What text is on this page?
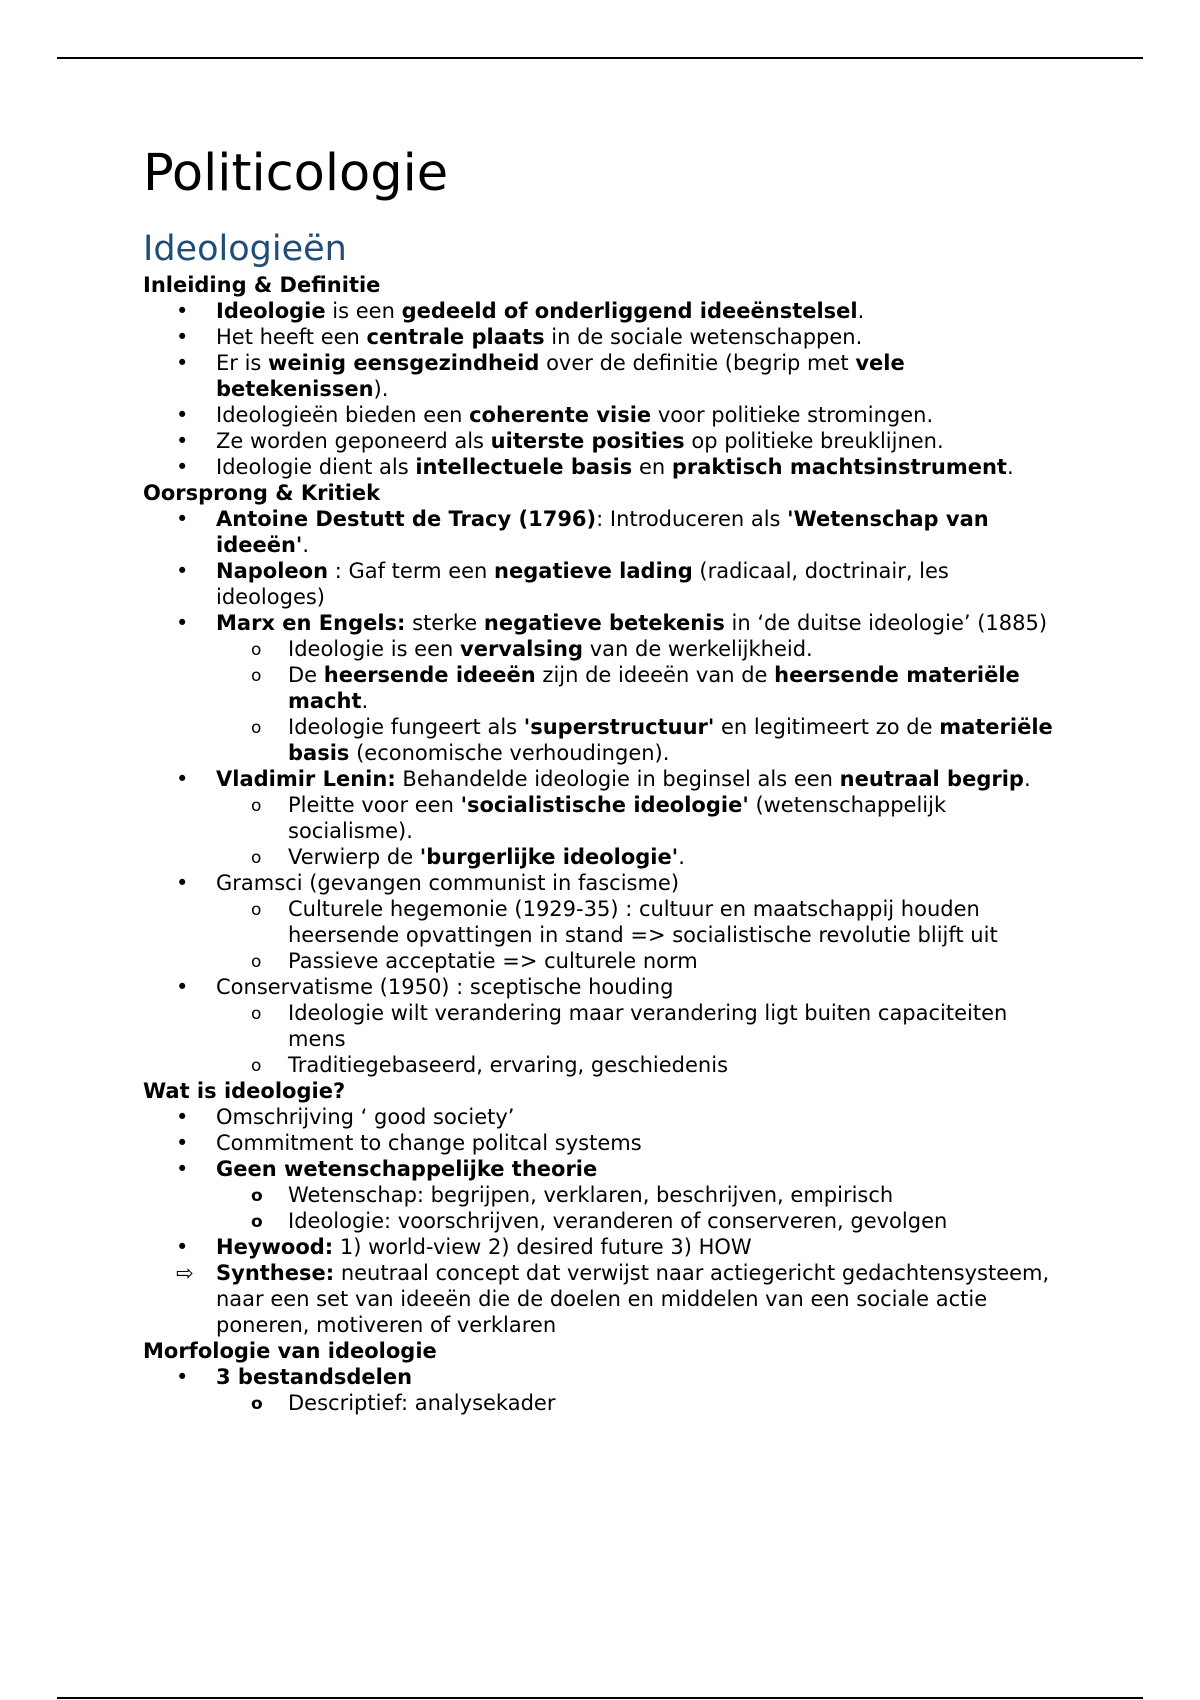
Politicologie
Ideologieën
Inleiding & Definitie
• Ideologie is een gedeeld of onderliggend ideeënstelsel.
• Het heeft een centrale plaats in de sociale wetenschappen.
• Er is weinig eensgezindheid over de definitie (begrip met vele betekenissen).
• Ideologieën bieden een coherente visie voor politieke stromingen.
• Ze worden geponeerd als uiterste posities op politieke breuklijnen.
• Ideologie dient als intellectuele basis en praktisch machtsinstrument.
Oorsprong & Kritiek
• Antoine Destutt de Tracy (1796): Introduceren als 'Wetenschap van ideeën'.
• Napoleon : Gaf term een negatieve lading (radicaal, doctrinair, les ideologes)
• Marx en Engels: sterke negatieve betekenis in ‘de duitse ideologie’ (1885)
o Ideologie is een vervalsing van de werkelijkheid.
o De heersende ideeën zijn de ideeën van de heersende materiële macht.
o Ideologie fungeert als 'superstructuur' en legitimeert zo de materiële basis (economische verhoudingen).
• Vladimir Lenin: Behandelde ideologie in beginsel als een neutraal begrip.
o Pleitte voor een 'socialistische ideologie' (wetenschappelijk socialisme).
o Verwierp de 'burgerlijke ideologie'.
• Gramsci (gevangen communist in fascisme)
o Culturele hegemonie (1929-35) : cultuur en maatschappij houden heersende opvattingen in stand => socialistische revolutie blijft uit
o Passieve acceptatie => culturele norm
• Conservatisme (1950) : sceptische houding
o Ideologie wilt verandering maar verandering ligt buiten capaciteiten mens
o Traditiegebaseerd, ervaring, geschiedenis
Wat is ideologie?
• Omschrijving ‘ good society’
• Commitment to change politcal systems
• Geen wetenschappelijke theorie
o Wetenschap: begrijpen, verklaren, beschrijven, empirisch
o Ideologie: voorschrijven, veranderen of conserveren, gevolgen
• Heywood: 1) world-view 2) desired future 3) HOW
⇨ Synthese: neutraal concept dat verwijst naar actiegericht gedachtensysteem, naar een set van ideeën die de doelen en middelen van een sociale actie poneren, motiveren of verklaren
Morfologie van ideologie
• 3 bestandsdelen
o Descriptief: analysekader
